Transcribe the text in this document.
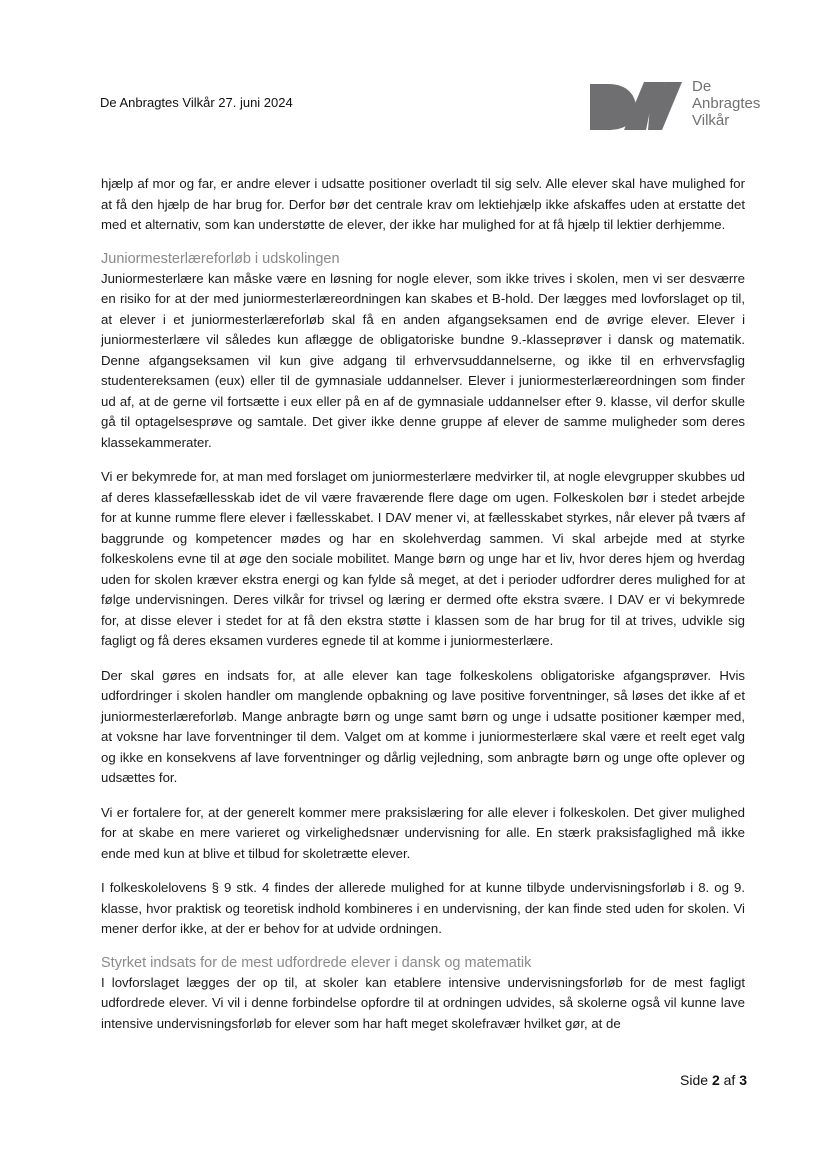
De Anbragtes Vilkår 27. juni 2024
De
Anbragtes
Vilkår

hjælp af mor og far, er andre elever i udsatte positioner overladt til sig selv. Alle elever skal have mulighed for at få den hjælp de har brug for. Derfor bør det centrale krav om lektiehjælp ikke afskaffes uden at erstatte det med et alternativ, som kan understøtte de elever, der ikke har mulighed for at få hjælp til lektier derhjemme.

Juniormesterlæreforløb i udskolingen

Juniormesterlære kan måske være en løsning for nogle elever, som ikke trives i skolen, men vi ser desværre en risiko for at der med juniormesterlæreordningen kan skabes et B-hold. Der lægges med lovforslaget op til, at elever i et juniormesterlæreforløb skal få en anden afgangseksamen end de øvrige elever. Elever i juniormesterlære vil således kun aflægge de obligatoriske bundne 9.-klasseprøver i dansk og matematik. Denne afgangseksamen vil kun give adgang til erhvervsuddannelserne, og ikke til en erhvervsfaglig studentereksamen (eux) eller til de gymnasiale uddannelser. Elever i juniormesterlæreordningen som finder ud af, at de gerne vil fortsætte i eux eller på en af de gymnasiale uddannelser efter 9. klasse, vil derfor skulle gå til optagelsesprøve og samtale. Det giver ikke denne gruppe af elever de samme muligheder som deres klassekammerater.

Vi er bekymrede for, at man med forslaget om juniormesterlære medvirker til, at nogle elevgrupper skubbes ud af deres klassefællesskab idet de vil være fraværende flere dage om ugen. Folkeskolen bør i stedet arbejde for at kunne rumme flere elever i fællesskabet. I DAV mener vi, at fællesskabet styrkes, når elever på tværs af baggrunde og kompetencer mødes og har en skolehverdag sammen. Vi skal arbejde med at styrke folkeskolens evne til at øge den sociale mobilitet. Mange børn og unge har et liv, hvor deres hjem og hverdag uden for skolen kræver ekstra energi og kan fylde så meget, at det i perioder udfordrer deres mulighed for at følge undervisningen. Deres vilkår for trivsel og læring er dermed ofte ekstra svære. I DAV er vi bekymrede for, at disse elever i stedet for at få den ekstra støtte i klassen som de har brug for til at trives, udvikle sig fagligt og få deres eksamen vurderes egnede til at komme i juniormesterlære.

Der skal gøres en indsats for, at alle elever kan tage folkeskolens obligatoriske afgangsprøver. Hvis udfordringer i skolen handler om manglende opbakning og lave positive forventninger, så løses det ikke af et juniormesterlæreforløb. Mange anbragte børn og unge samt børn og unge i udsatte positioner kæmper med, at voksne har lave forventninger til dem. Valget om at komme i juniormesterlære skal være et reelt eget valg og ikke en konsekvens af lave forventninger og dårlig vejledning, som anbragte børn og unge ofte oplever og udsættes for.

Vi er fortalere for, at der generelt kommer mere praksislæring for alle elever i folkeskolen. Det giver mulighed for at skabe en mere varieret og virkelighedsnær undervisning for alle. En stærk praksisfaglighed må ikke ende med kun at blive et tilbud for skoletrætte elever.

I folkeskolelovens § 9 stk. 4 findes der allerede mulighed for at kunne tilbyde undervisningsforløb i 8. og 9. klasse, hvor praktisk og teoretisk indhold kombineres i en undervisning, der kan finde sted uden for skolen. Vi mener derfor ikke, at der er behov for at udvide ordningen.

Styrket indsats for de mest udfordrede elever i dansk og matematik

I lovforslaget lægges der op til, at skoler kan etablere intensive undervisningsforløb for de mest fagligt udfordrede elever. Vi vil i denne forbindelse opfordre til at ordningen udvides, så skolerne også vil kunne lave intensive undervisningsforløb for elever som har haft meget skolefravær hvilket gør, at de

Side 2 af 3
